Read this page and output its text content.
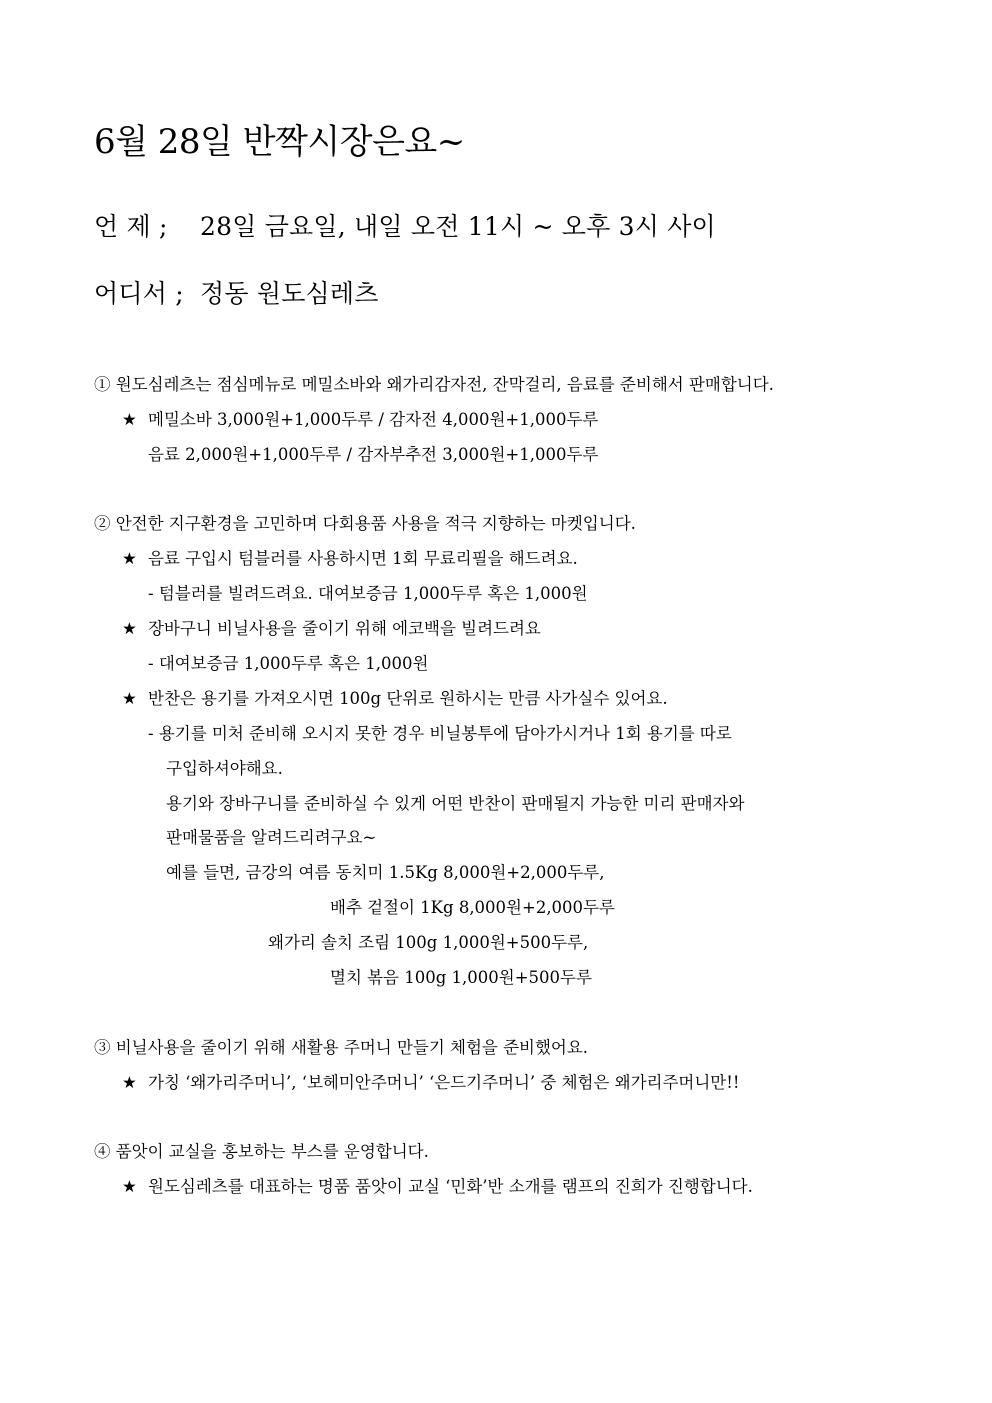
6월 28일 반짝시장은요~
언 제 ; 28일 금요일, 내일 오전 11시 ~ 오후 3시 사이
어디서 ; 정동 원도심레츠
① 원도심레츠는 점심메뉴로 메밀소바와 왜가리감자전, 잔막걸리, 음료를 준비해서 판매합니다.
★ 메밀소바 3,000원+1,000두루 / 감자전 4,000원+1,000두루
음료 2,000원+1,000두루 / 감자부추전 3,000원+1,000두루
② 안전한 지구환경을 고민하며 다회용품 사용을 적극 지향하는 마켓입니다.
★ 음료 구입시 텀블러를 사용하시면 1회 무료리필을 해드려요.
- 텀블러를 빌려드려요. 대여보증금 1,000두루 혹은 1,000원
★ 장바구니 비닐사용을 줄이기 위해 에코백을 빌려드려요
- 대여보증금 1,000두루 혹은 1,000원
★ 반찬은 용기를 가져오시면 100g 단위로 원하시는 만큼 사가실수 있어요.
- 용기를 미처 준비해 오시지 못한 경우 비닐봉투에 담아가시거나 1회 용기를 따로
구입하셔야해요.
용기와 장바구니를 준비하실 수 있게 어떤 반찬이 판매될지 가능한 미리 판매자와
판매물품을 알려드리려구요~
예를 들면, 금강의 여름 동치미 1.5Kg 8,000원+2,000두루,
배추 겉절이 1Kg 8,000원+2,000두루
왜가리 솔치 조림 100g 1,000원+500두루,
멸치 볶음 100g 1,000원+500두루
③ 비닐사용을 줄이기 위해 새활용 주머니 만들기 체험을 준비했어요.
★ 가칭 ‘왜가리주머니’, ‘보헤미안주머니’ ‘은드기주머니’ 중 체험은 왜가리주머니만!!
④ 품앗이 교실을 홍보하는 부스를 운영합니다.
★ 원도심레츠를 대표하는 명품 품앗이 교실 ‘민화’반 소개를 램프의 진희가 진행합니다.
